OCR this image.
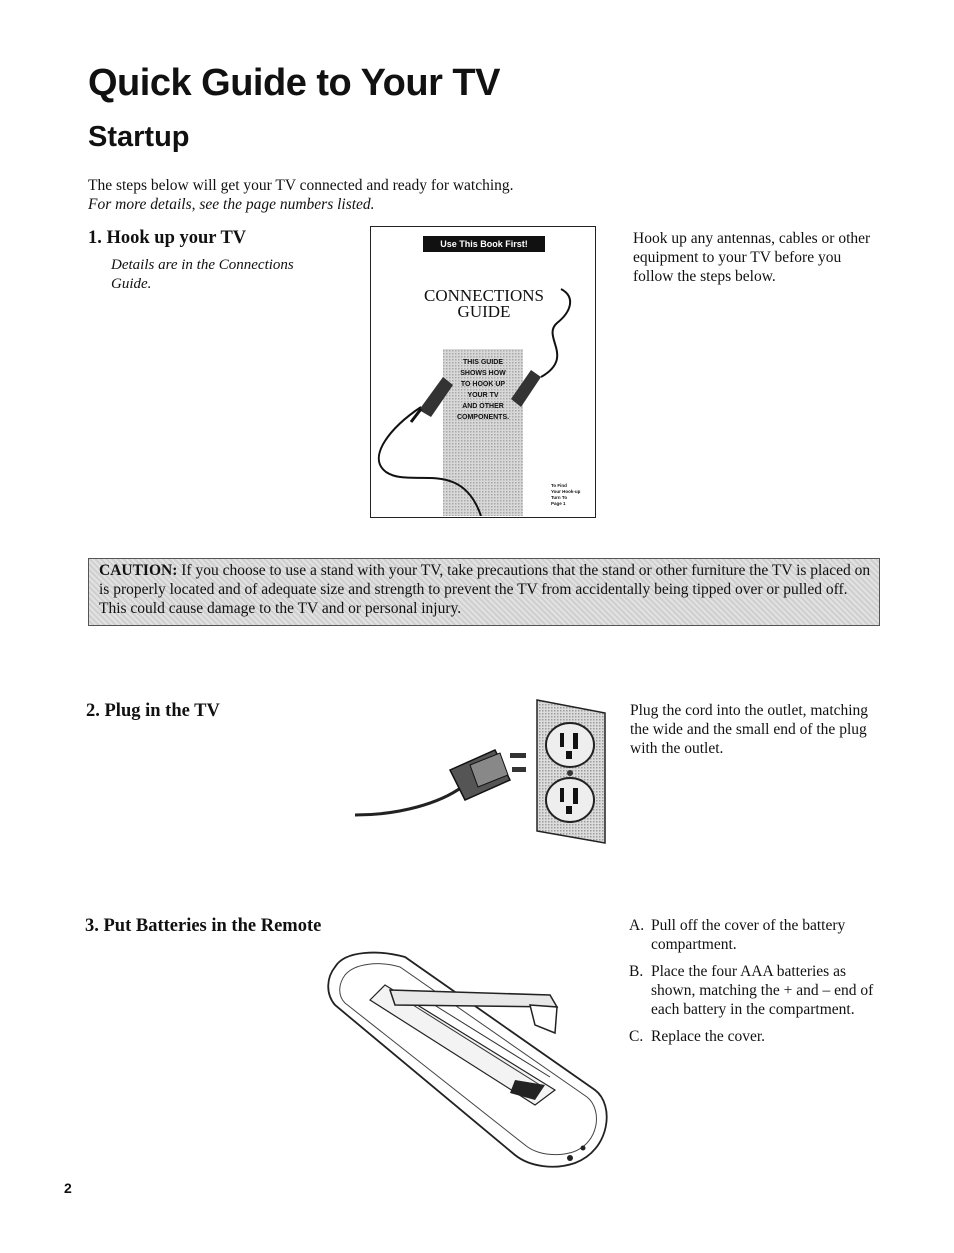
Quick Guide to Your TV
Startup
The steps below will get your TV connected and ready for watching.
For more details, see the page numbers listed.
1. Hook up your TV
Details are in the Connections
Guide.
Use This Book First!
CONNECTIONS
GUIDE
THIS GUIDE
SHOWS HOW
TO HOOK UP
YOUR TV
AND OTHER
COMPONENTS.
To Find
Your Hook-up
Turn To
Page 1
Hook up any antennas, cables or other equipment to your TV before you follow the steps below.

CAUTION: If you choose to use a stand with your TV, take precautions that the stand or other furniture the TV is placed on is properly located and of adequate size and strength to prevent the TV from accidentally being tipped over or pulled off. This could cause damage to the TV and or personal injury.

2. Plug in the TV	Plug the cord into the outlet, matching the wide and the small end of the plug with the outlet.
3. Put Batteries in the Remote	A. Pull off the cover of the battery compartment.
B. Place the four AAA batteries as shown, matching the + and – end of each battery in the compartment.
C. Replace the cover.
2
